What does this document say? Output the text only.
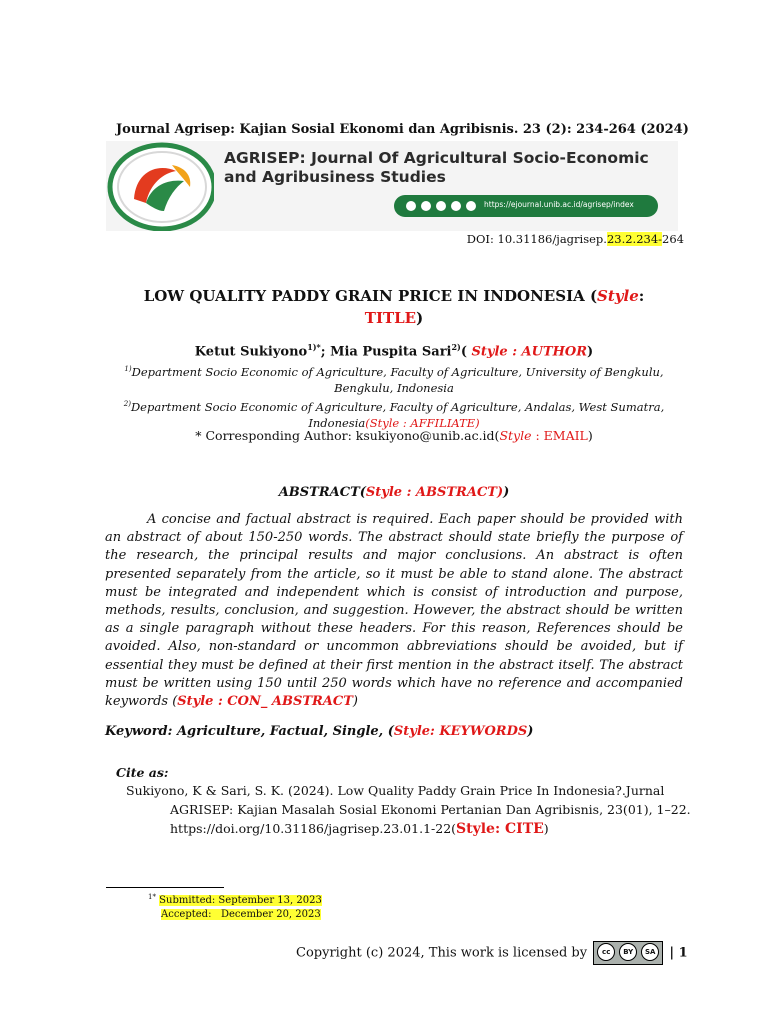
Journal Agrisep: Kajian Sosial Ekonomi dan Agribisnis. 23 (2): 234-264 (2024)
AGRISEP: Journal Of Agricultural Socio-Economic and Agribusiness Studies
https://ejournal.unib.ac.id/agrisep/index
DOI: 10.31186/jagrisep.23.2.234-264
LOW QUALITY PADDY GRAIN PRICE IN INDONESIA (Style:
TITLE)
Ketut Sukiyono$^{1)*}$; Mia Puspita Sari$^{2)}$( Style : AUTHOR)
$^{1)}$Department Socio Economic of Agriculture, Faculty of Agriculture, University of Bengkulu, Bengkulu, Indonesia
$^{2)}$Department Socio Economic of Agriculture, Faculty of Agriculture, Andalas, West Sumatra, Indonesia(Style : AFFILIATE)
* Corresponding Author: ksukiyono@unib.ac.id(Style : EMAIL)
ABSTRACT(Style : ABSTRACT))
A concise and factual abstract is required. Each paper should be provided with an abstract of about 150-250 words. The abstract should state briefly the purpose of the research, the principal results and major conclusions. An abstract is often presented separately from the article, so it must be able to stand alone. The abstract must be integrated and independent which is consist of introduction and purpose, methods, results, conclusion, and suggestion. However, the abstract should be written as a single paragraph without these headers. For this reason, References should be avoided. Also, non-standard or uncommon abbreviations should be avoided, but if essential they must be defined at their first mention in the abstract itself. The abstract must be written using 150 until 250 words which have no reference and accompanied keywords (Style : CON_ ABSTRACT)
Keyword: Agriculture, Factual, Single, (Style: KEYWORDS)
Cite as:
Sukiyono, K & Sari, S. K. (2024). Low Quality Paddy Grain Price In Indonesia?.Jurnal AGRISEP: Kajian Masalah Sosial Ekonomi Pertanian Dan Agribisnis, 23(01), 1–22. https://doi.org/10.31186/jagrisep.23.01.1-22(Style: CITE)
$^{1*}$ Submitted: September 13, 2023
Accepted:   December 20, 2023
Copyright (c) 2024, This work is licensed by	cc	BY	SA | 1
